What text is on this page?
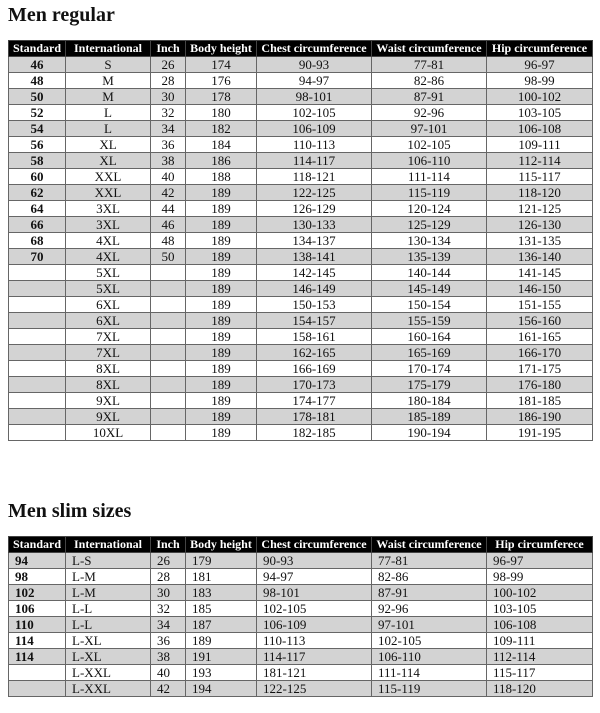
Men regular
Standard	International	Inch	Body height	Chest circumference	Waist circumference	Hip circumference
46	S	26	174	90-93	77-81	96-97
48	M	28	176	94-97	82-86	98-99
50	M	30	178	98-101	87-91	100-102
52	L	32	180	102-105	92-96	103-105
54	L	34	182	106-109	97-101	106-108
56	XL	36	184	110-113	102-105	109-111
58	XL	38	186	114-117	106-110	112-114
60	XXL	40	188	118-121	111-114	115-117
62	XXL	42	189	122-125	115-119	118-120
64	3XL	44	189	126-129	120-124	121-125
66	3XL	46	189	130-133	125-129	126-130
68	4XL	48	189	134-137	130-134	131-135
70	4XL	50	189	138-141	135-139	136-140
	5XL		189	142-145	140-144	141-145
	5XL		189	146-149	145-149	146-150
	6XL		189	150-153	150-154	151-155
	6XL		189	154-157	155-159	156-160
	7XL		189	158-161	160-164	161-165
	7XL		189	162-165	165-169	166-170
	8XL		189	166-169	170-174	171-175
	8XL		189	170-173	175-179	176-180
	9XL		189	174-177	180-184	181-185
	9XL		189	178-181	185-189	186-190
	10XL		189	182-185	190-194	191-195
Men slim sizes
Standard	International	Inch	Body height	Chest circumference	Waist circumference	Hip circumferece
94	L-S	26	179	90-93	77-81	96-97
98	L-M	28	181	94-97	82-86	98-99
102	L-M	30	183	98-101	87-91	100-102
106	L-L	32	185	102-105	92-96	103-105
110	L-L	34	187	106-109	97-101	106-108
114	L-XL	36	189	110-113	102-105	109-111
114	L-XL	38	191	114-117	106-110	112-114
	L-XXL	40	193	181-121	111-114	115-117
	L-XXL	42	194	122-125	115-119	118-120
